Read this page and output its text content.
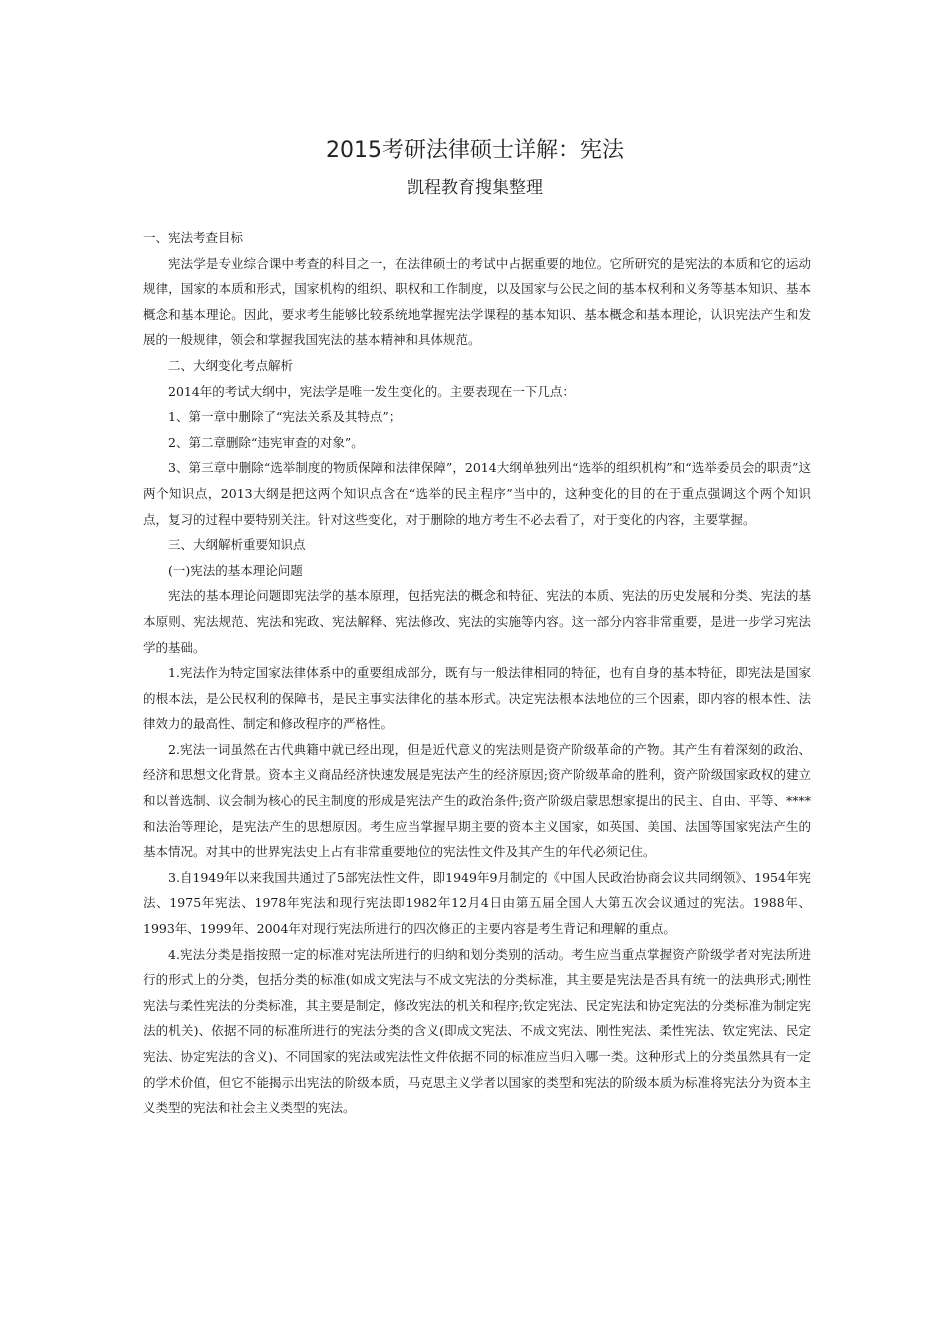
2015考研法律硕士详解：宪法
凯程教育搜集整理

一、宪法考查目标

宪法学是专业综合课中考查的科目之一，在法律硕士的考试中占据重要的地位。它所研究的是宪法的本质和它的运动规律，国家的本质和形式，国家机构的组织、职权和工作制度，以及国家与公民之间的基本权利和义务等基本知识、基本概念和基本理论。因此，要求考生能够比较系统地掌握宪法学课程的基本知识、基本概念和基本理论，认识宪法产生和发展的一般规律，领会和掌握我国宪法的基本精神和具体规范。

二、大纲变化考点解析

2014年的考试大纲中，宪法学是唯一发生变化的。主要表现在一下几点：

1、第一章中删除了“宪法关系及其特点”；

2、第二章删除“违宪审查的对象”。

3、第三章中删除“选举制度的物质保障和法律保障”，2014大纲单独列出“选举的组织机构”和“选举委员会的职责”这两个知识点，2013大纲是把这两个知识点含在“选举的民主程序”当中的，这种变化的目的在于重点强调这个两个知识点，复习的过程中要特别关注。针对这些变化，对于删除的地方考生不必去看了，对于变化的内容，主要掌握。

三、大纲解析重要知识点

(一)宪法的基本理论问题

宪法的基本理论问题即宪法学的基本原理，包括宪法的概念和特征、宪法的本质、宪法的历史发展和分类、宪法的基本原则、宪法规范、宪法和宪政、宪法解释、宪法修改、宪法的实施等内容。这一部分内容非常重要，是进一步学习宪法学的基础。

1.宪法作为特定国家法律体系中的重要组成部分，既有与一般法律相同的特征，也有自身的基本特征，即宪法是国家的根本法，是公民权利的保障书，是民主事实法律化的基本形式。决定宪法根本法地位的三个因素，即内容的根本性、法律效力的最高性、制定和修改程序的严格性。

2.宪法一词虽然在古代典籍中就已经出现，但是近代意义的宪法则是资产阶级革命的产物。其产生有着深刻的政治、经济和思想文化背景。资本主义商品经济快速发展是宪法产生的经济原因;资产阶级革命的胜利，资产阶级国家政权的建立和以普选制、议会制为核心的民主制度的形成是宪法产生的政治条件;资产阶级启蒙思想家提出的民主、自由、平等、****和法治等理论，是宪法产生的思想原因。考生应当掌握早期主要的资本主义国家，如英国、美国、法国等国家宪法产生的基本情况。对其中的世界宪法史上占有非常重要地位的宪法性文件及其产生的年代必须记住。

3.自1949年以来我国共通过了5部宪法性文件，即1949年9月制定的《中国人民政治协商会议共同纲领》、1954年宪法、1975年宪法、1978年宪法和现行宪法即1982年12月4日由第五届全国人大第五次会议通过的宪法。1988年、1993年、1999年、2004年对现行宪法所进行的四次修正的主要内容是考生背记和理解的重点。

4.宪法分类是指按照一定的标准对宪法所进行的归纳和划分类别的活动。考生应当重点掌握资产阶级学者对宪法所进行的形式上的分类，包括分类的标准(如成文宪法与不成文宪法的分类标准，其主要是宪法是否具有统一的法典形式;刚性宪法与柔性宪法的分类标准，其主要是制定，修改宪法的机关和程序;钦定宪法、民定宪法和协定宪法的分类标准为制定宪法的机关)、依据不同的标准所进行的宪法分类的含义(即成文宪法、不成文宪法、刚性宪法、柔性宪法、钦定宪法、民定宪法、协定宪法的含义)、不同国家的宪法或宪法性文件依据不同的标准应当归入哪一类。这种形式上的分类虽然具有一定的学术价值，但它不能揭示出宪法的阶级本质，马克思主义学者以国家的类型和宪法的阶级本质为标准将宪法分为资本主义类型的宪法和社会主义类型的宪法。
